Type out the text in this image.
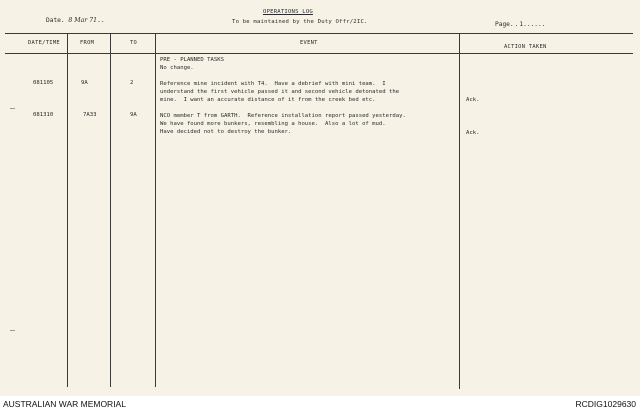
Date. 8 Mar 71..
OPERATIONS LOG
To be maintained by the Duty Offr/2IC.	Page..1......
DATE/TIME	FROM	TO	EVENT
ACTION TAKEN
PRE - PLANNED TASKS
No change.
081105	9A	2	Reference mine incident with T4.  Have a debrief with mini team.  I
understand the first vehicle passed it and second vehicle detonated the
mine.  I want an accurate distance of it from the creek bed etc.	Ack.
081310	7A33	9A	NCO member T from GARTH.  Reference installation report passed yesterday.
We have found more bunkers, resembling a house.  Also a lot of mud.
Have decided not to destroy the bunker.	Ack.
AUSTRALIAN WAR MEMORIAL	RCDIG1029630
